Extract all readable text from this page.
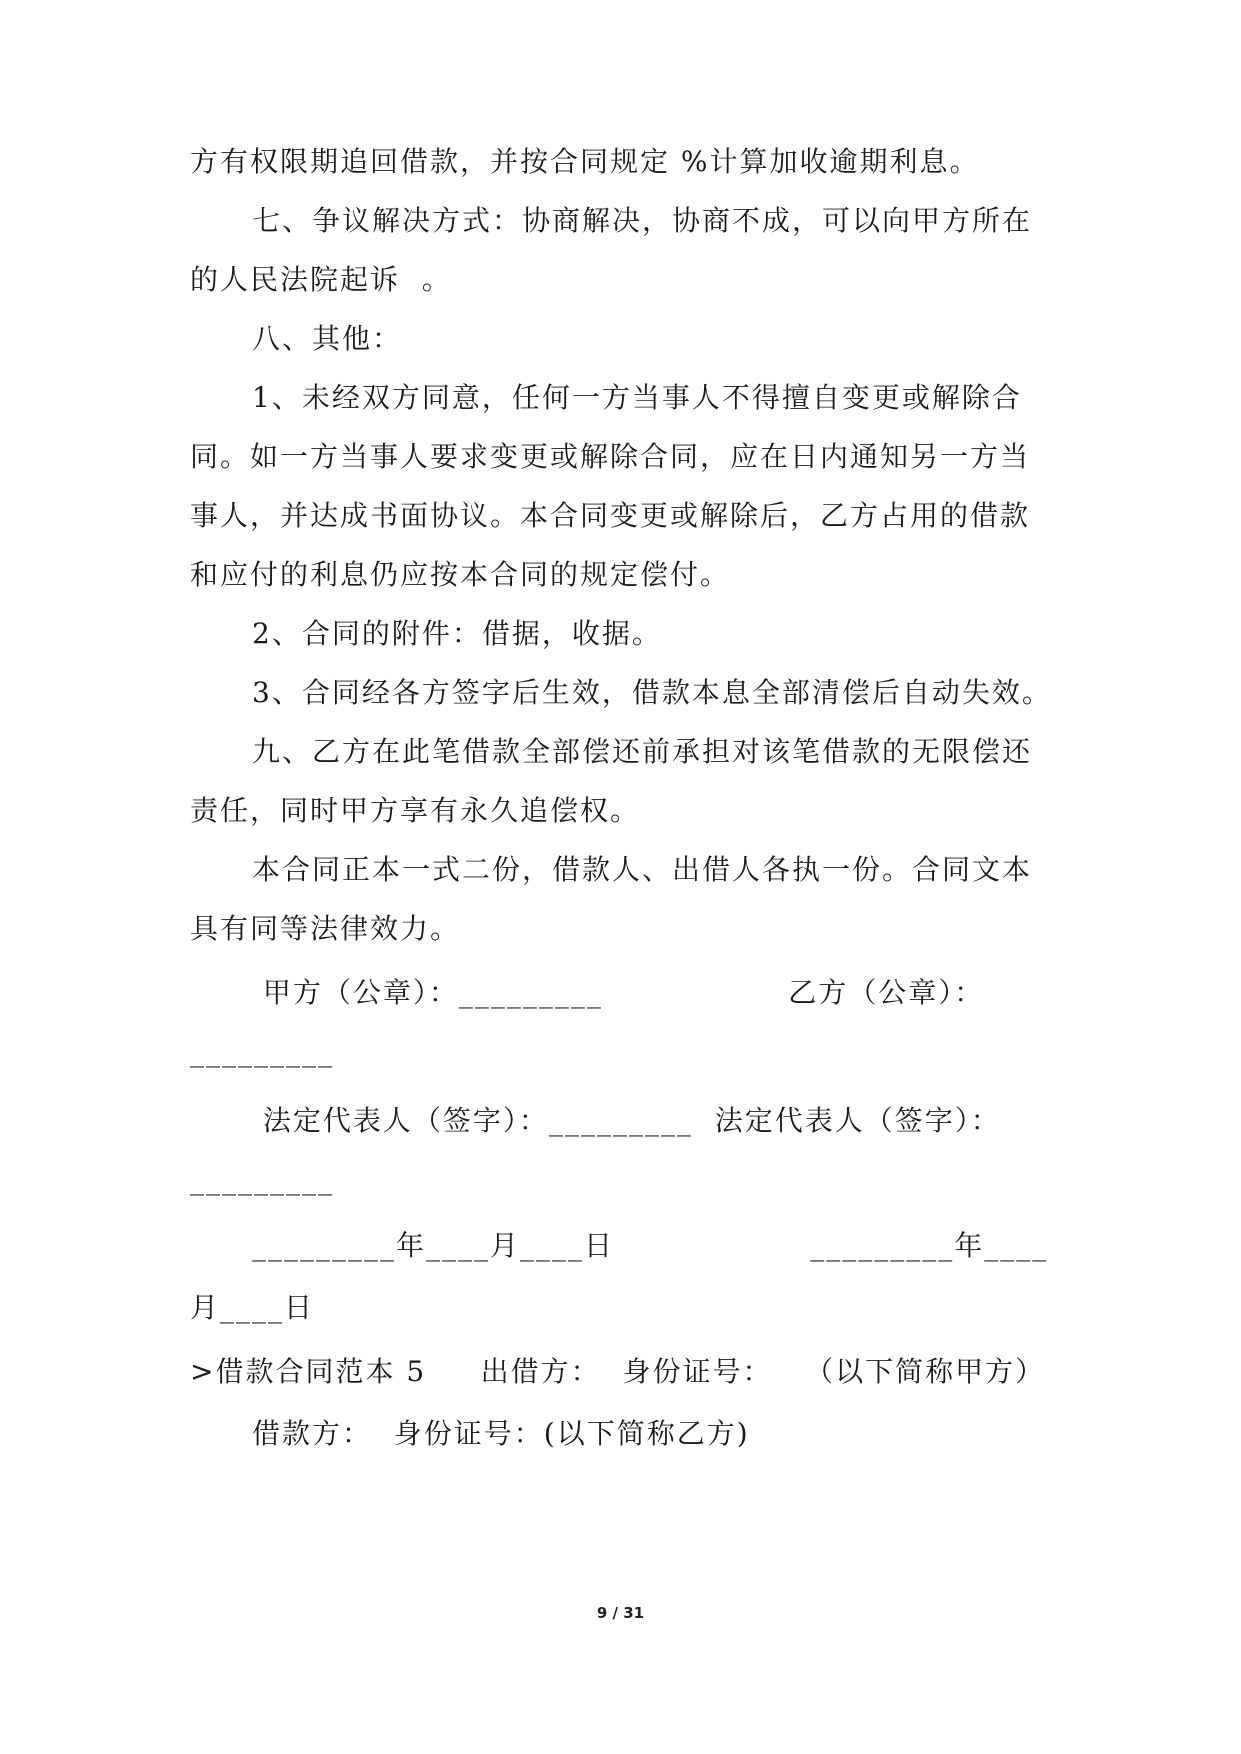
方有权限期追回借款，并按合同规定 %计算加收逾期利息。
七、争议解决方式：协商解决，协商不成，可以向甲方所在
的人民法院起诉  。
八、其他：
1、未经双方同意，任何一方当事人不得擅自变更或解除合
同。如一方当事人要求变更或解除合同，应在日内通知另一方当
事人，并达成书面协议。本合同变更或解除后，乙方占用的借款
和应付的利息仍应按本合同的规定偿付。
2、合同的附件：借据，收据。
3、合同经各方签字后生效，借款本息全部清偿后自动失效。
九、乙方在此笔借款全部偿还前承担对该笔借款的无限偿还
责任，同时甲方享有永久追偿权。
本合同正本一式二份，借款人、出借人各执一份。合同文本
具有同等法律效力。
甲方（公章）：_________                 乙方（公章）：
_________
法定代表人（签字）：_________  法定代表人（签字）：
_________
_________年____月____日                  _________年____
月____日
>借款合同范本 5     出借方：  身份证号：   （以下简称甲方）
借款方：  身份证号：(以下简称乙方)
9 / 31
